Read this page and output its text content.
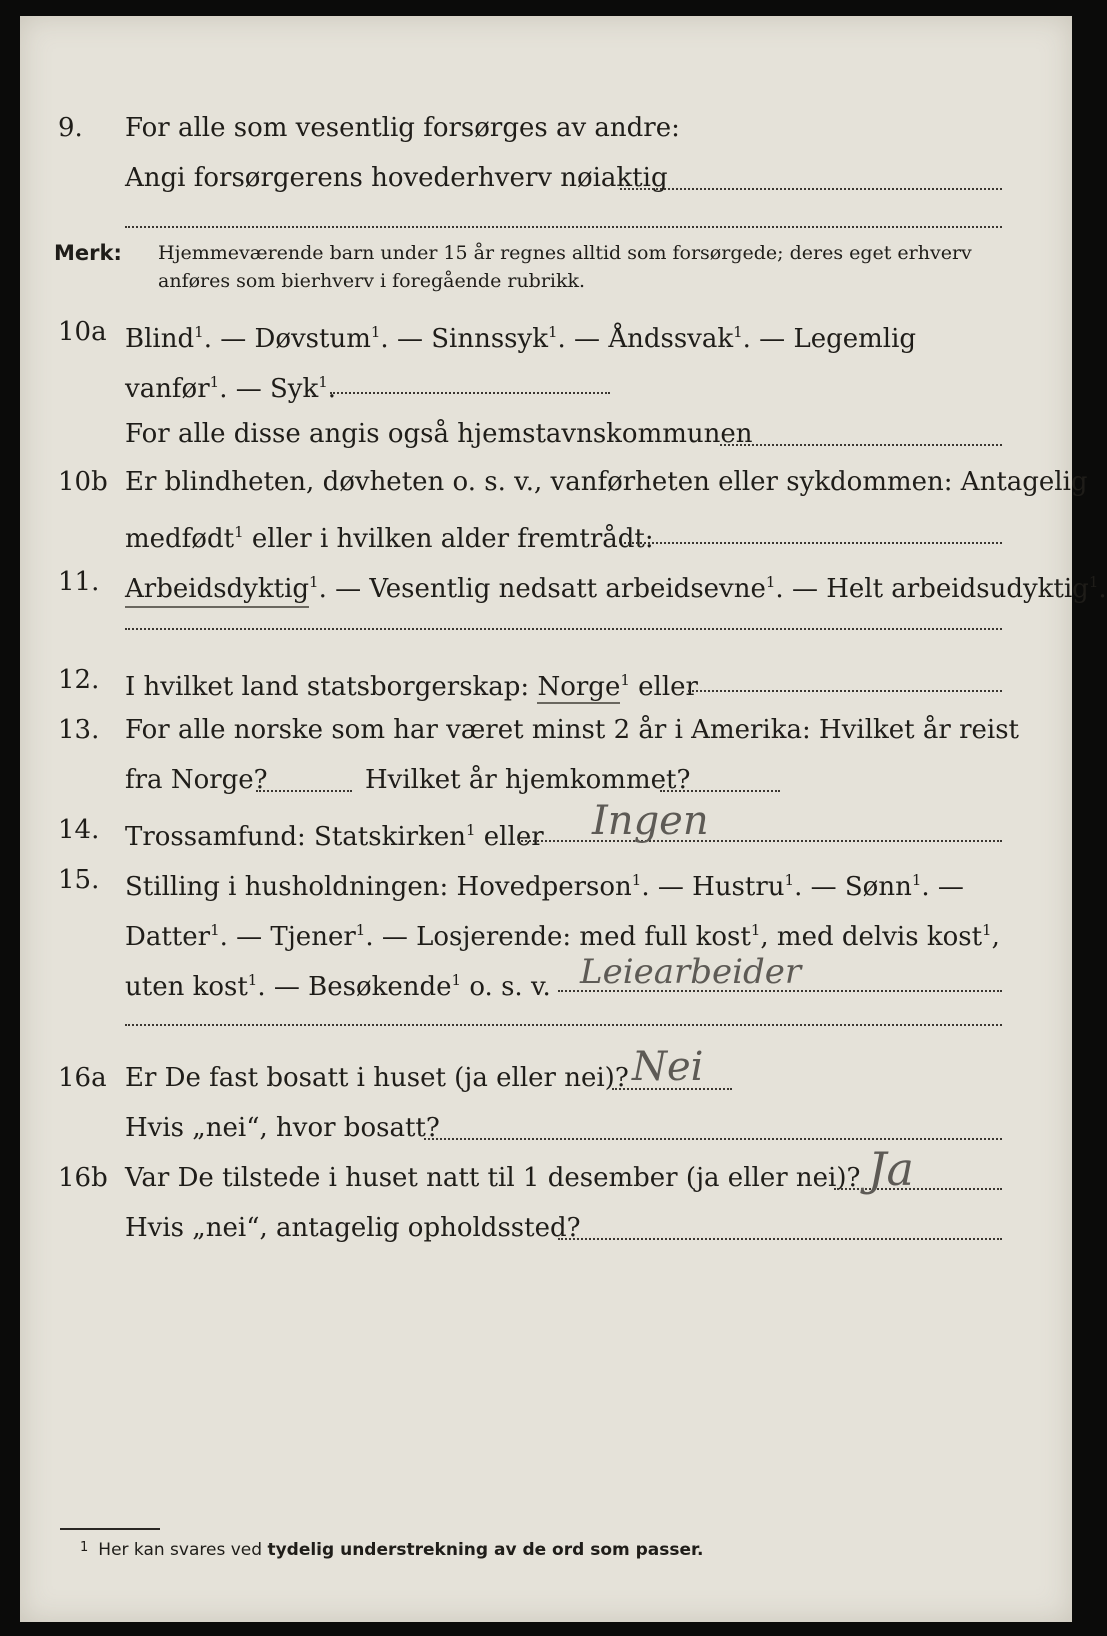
9. For alle som vesentlig forsørges av andre:
Angi forsørgerens hovederhverv nøiaktig
Merk: Hjemmeværende barn under 15 år regnes alltid som forsørgede; deres eget erhverv
anføres som bierhverv i foregående rubrikk.
10a Blind$^1$. — Døvstum$^1$. — Sinnssyk$^1$. — Åndssvak$^1$. — Legemlig
vanfør$^1$. — Syk$^1$.
For alle disse angis også hjemstavnskommunen
10b Er blindheten, døvheten o. s. v., vanførheten eller sykdommen: Antagelig
medfødt$^1$ eller i hvilken alder fremtrådt:
11. Arbeidsdyktig$^1$. — Vesentlig nedsatt arbeidsevne$^1$. — Helt arbeidsudyktig$^1$.
12. I hvilket land statsborgerskap: Norge$^1$ eller
13. For alle norske som har været minst 2 år i Amerika: Hvilket år reist
fra Norge?	Hvilket år hjemkommet?
14. Trossamfund: Statskirken$^1$ eller Ingen
15. Stilling i husholdningen: Hovedperson$^1$. — Hustru$^1$. — Sønn$^1$. —
Datter$^1$. — Tjener$^1$. — Losjerende: med full kost$^1$, med delvis kost$^1$,
uten kost$^1$. — Besøkende$^1$ o. s. v. Leiearbeider
16a Er De fast bosatt i huset (ja eller nei)? Nei
Hvis „nei“, hvor bosatt?
16b Var De tilstede i huset natt til 1 desember (ja eller nei)? Ja
Hvis „nei“, antagelig opholdssted?
$^1$ Her kan svares ved tydelig understrekning av de ord som passer.
